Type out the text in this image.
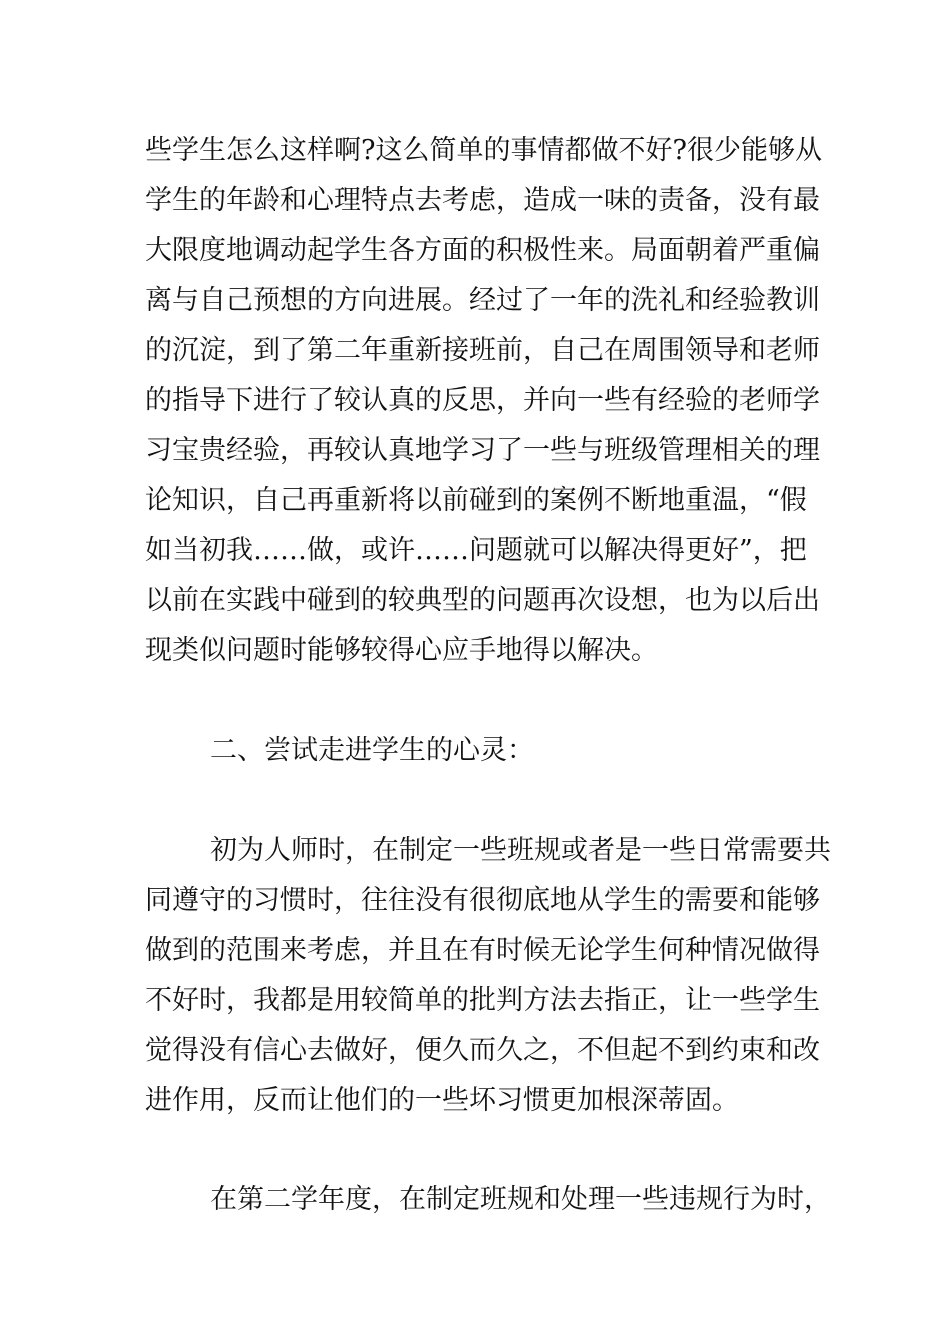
些学生怎么这样啊?这么简单的事情都做不好?很少能够从

学生的年龄和心理特点去考虑，造成一味的责备，没有最

大限度地调动起学生各方面的积极性来。局面朝着严重偏

离与自己预想的方向进展。经过了一年的洗礼和经验教训

的沉淀，到了第二年重新接班前，自己在周围领导和老师

的指导下进行了较认真的反思，并向一些有经验的老师学

习宝贵经验，再较认真地学习了一些与班级管理相关的理

论知识，自己再重新将以前碰到的案例不断地重温，“假

如当初我……做，或许……问题就可以解决得更好”，把

以前在实践中碰到的较典型的问题再次设想，也为以后出

现类似问题时能够较得心应手地得以解决。

二、尝试走进学生的心灵：

初为人师时，在制定一些班规或者是一些日常需要共

同遵守的习惯时，往往没有很彻底地从学生的需要和能够

做到的范围来考虑，并且在有时候无论学生何种情况做得

不好时，我都是用较简单的批判方法去指正，让一些学生

觉得没有信心去做好，便久而久之，不但起不到约束和改

进作用，反而让他们的一些坏习惯更加根深蒂固。

在第二学年度，在制定班规和处理一些违规行为时，
